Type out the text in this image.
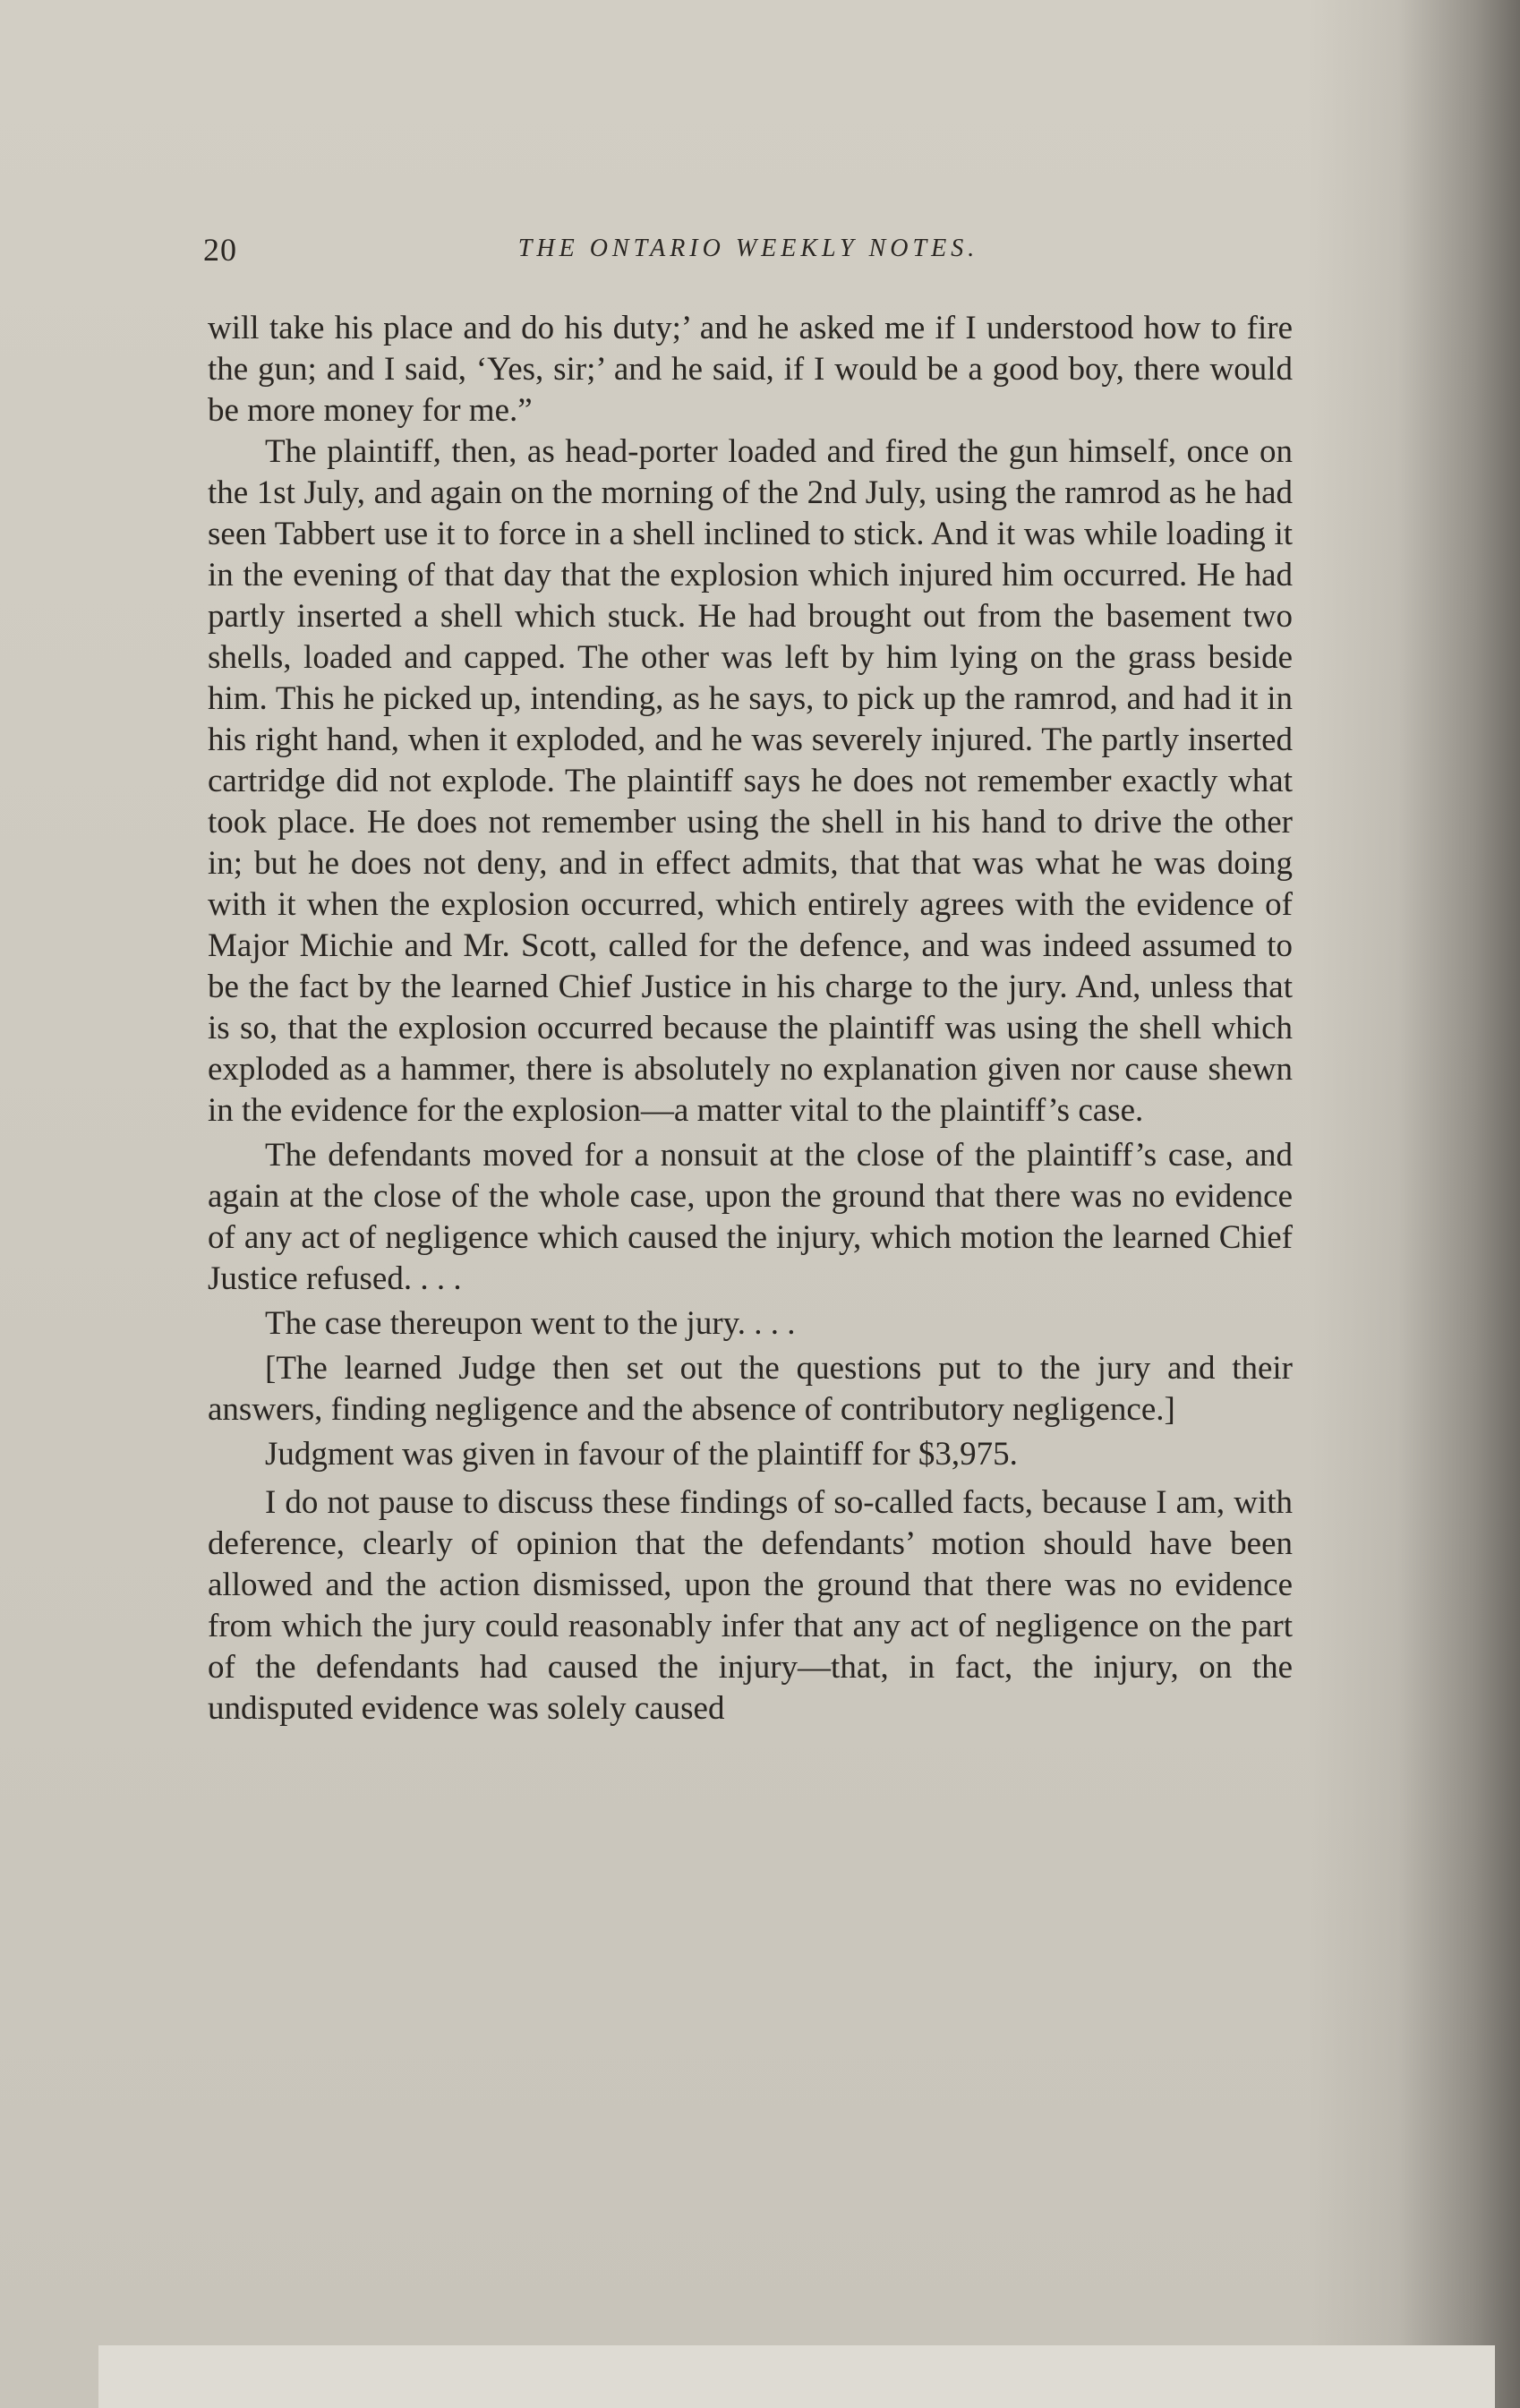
20	THE ONTARIO WEEKLY NOTES.

will take his place and do his duty;’ and he asked me if I understood how to fire the gun; and I said, ‘Yes, sir;’ and he said, if I would be a good boy, there would be more money for me.”

The plaintiff, then, as head-porter loaded and fired the gun himself, once on the 1st July, and again on the morning of the 2nd July, using the ramrod as he had seen Tabbert use it to force in a shell inclined to stick. And it was while loading it in the evening of that day that the explosion which injured him occurred. He had partly inserted a shell which stuck. He had brought out from the basement two shells, loaded and capped. The other was left by him lying on the grass beside him. This he picked up, intending, as he says, to pick up the ramrod, and had it in his right hand, when it exploded, and he was severely injured. The partly inserted cartridge did not explode. The plaintiff says he does not remember exactly what took place. He does not remember using the shell in his hand to drive the other in; but he does not deny, and in effect admits, that that was what he was doing with it when the explosion occurred, which entirely agrees with the evidence of Major Michie and Mr. Scott, called for the defence, and was indeed assumed to be the fact by the learned Chief Justice in his charge to the jury. And, unless that is so, that the explosion occurred because the plaintiff was using the shell which exploded as a hammer, there is absolutely no explanation given nor cause shewn in the evidence for the explosion—a matter vital to the plaintiff’s case.

The defendants moved for a nonsuit at the close of the plaintiff’s case, and again at the close of the whole case, upon the ground that there was no evidence of any act of negligence which caused the injury, which motion the learned Chief Justice refused. . . .

The case thereupon went to the jury. . . .

[The learned Judge then set out the questions put to the jury and their answers, finding negligence and the absence of contributory negligence.]

Judgment was given in favour of the plaintiff for $3,975.

I do not pause to discuss these findings of so-called facts, because I am, with deference, clearly of opinion that the defendants’ motion should have been allowed and the action dismissed, upon the ground that there was no evidence from which the jury could reasonably infer that any act of negligence on the part of the defendants had caused the injury—that, in fact, the injury, on the undisputed evidence was solely caused
